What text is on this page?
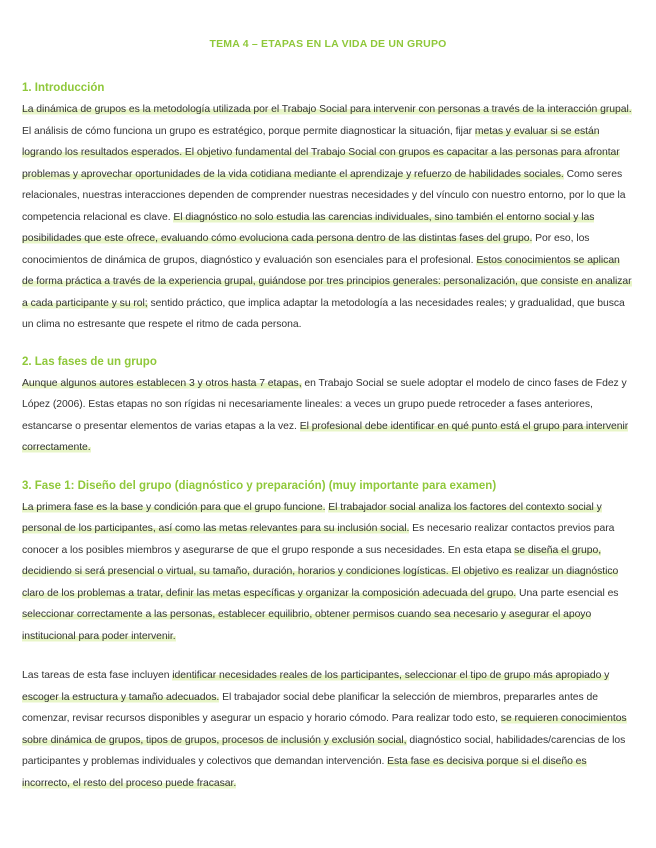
TEMA 4 – ETAPAS EN LA VIDA DE UN GRUPO
1. Introducción

La dinámica de grupos es la metodología utilizada por el Trabajo Social para intervenir con personas a través de la interacción grupal. El análisis de cómo funciona un grupo es estratégico, porque permite diagnosticar la situación, fijar metas y evaluar si se están logrando los resultados esperados. El objetivo fundamental del Trabajo Social con grupos es capacitar a las personas para afrontar problemas y aprovechar oportunidades de la vida cotidiana mediante el aprendizaje y refuerzo de habilidades sociales. Como seres relacionales, nuestras interacciones dependen de comprender nuestras necesidades y del vínculo con nuestro entorno, por lo que la competencia relacional es clave. El diagnóstico no solo estudia las carencias individuales, sino también el entorno social y las posibilidades que este ofrece, evaluando cómo evoluciona cada persona dentro de las distintas fases del grupo. Por eso, los conocimientos de dinámica de grupos, diagnóstico y evaluación son esenciales para el profesional. Estos conocimientos se aplican de forma práctica a través de la experiencia grupal, guiándose por tres principios generales: personalización, que consiste en analizar a cada participante y su rol; sentido práctico, que implica adaptar la metodología a las necesidades reales; y gradualidad, que busca un clima no estresante que respete el ritmo de cada persona.

2. Las fases de un grupo

Aunque algunos autores establecen 3 y otros hasta 7 etapas, en Trabajo Social se suele adoptar el modelo de cinco fases de Fdez y López (2006). Estas etapas no son rígidas ni necesariamente lineales: a veces un grupo puede retroceder a fases anteriores, estancarse o presentar elementos de varias etapas a la vez. El profesional debe identificar en qué punto está el grupo para intervenir correctamente.

3. Fase 1: Diseño del grupo (diagnóstico y preparación) (muy importante para examen)

La primera fase es la base y condición para que el grupo funcione. El trabajador social analiza los factores del contexto social y personal de los participantes, así como las metas relevantes para su inclusión social. Es necesario realizar contactos previos para conocer a los posibles miembros y asegurarse de que el grupo responde a sus necesidades. En esta etapa se diseña el grupo, decidiendo si será presencial o virtual, su tamaño, duración, horarios y condiciones logísticas. El objetivo es realizar un diagnóstico claro de los problemas a tratar, definir las metas específicas y organizar la composición adecuada del grupo. Una parte esencial es seleccionar correctamente a las personas, establecer equilibrio, obtener permisos cuando sea necesario y asegurar el apoyo institucional para poder intervenir.

Las tareas de esta fase incluyen identificar necesidades reales de los participantes, seleccionar el tipo de grupo más apropiado y escoger la estructura y tamaño adecuados. El trabajador social debe planificar la selección de miembros, prepararles antes de comenzar, revisar recursos disponibles y asegurar un espacio y horario cómodo. Para realizar todo esto, se requieren conocimientos sobre dinámica de grupos, tipos de grupos, procesos de inclusión y exclusión social, diagnóstico social, habilidades/carencias de los participantes y problemas individuales y colectivos que demandan intervención. Esta fase es decisiva porque si el diseño es incorrecto, el resto del proceso puede fracasar.
